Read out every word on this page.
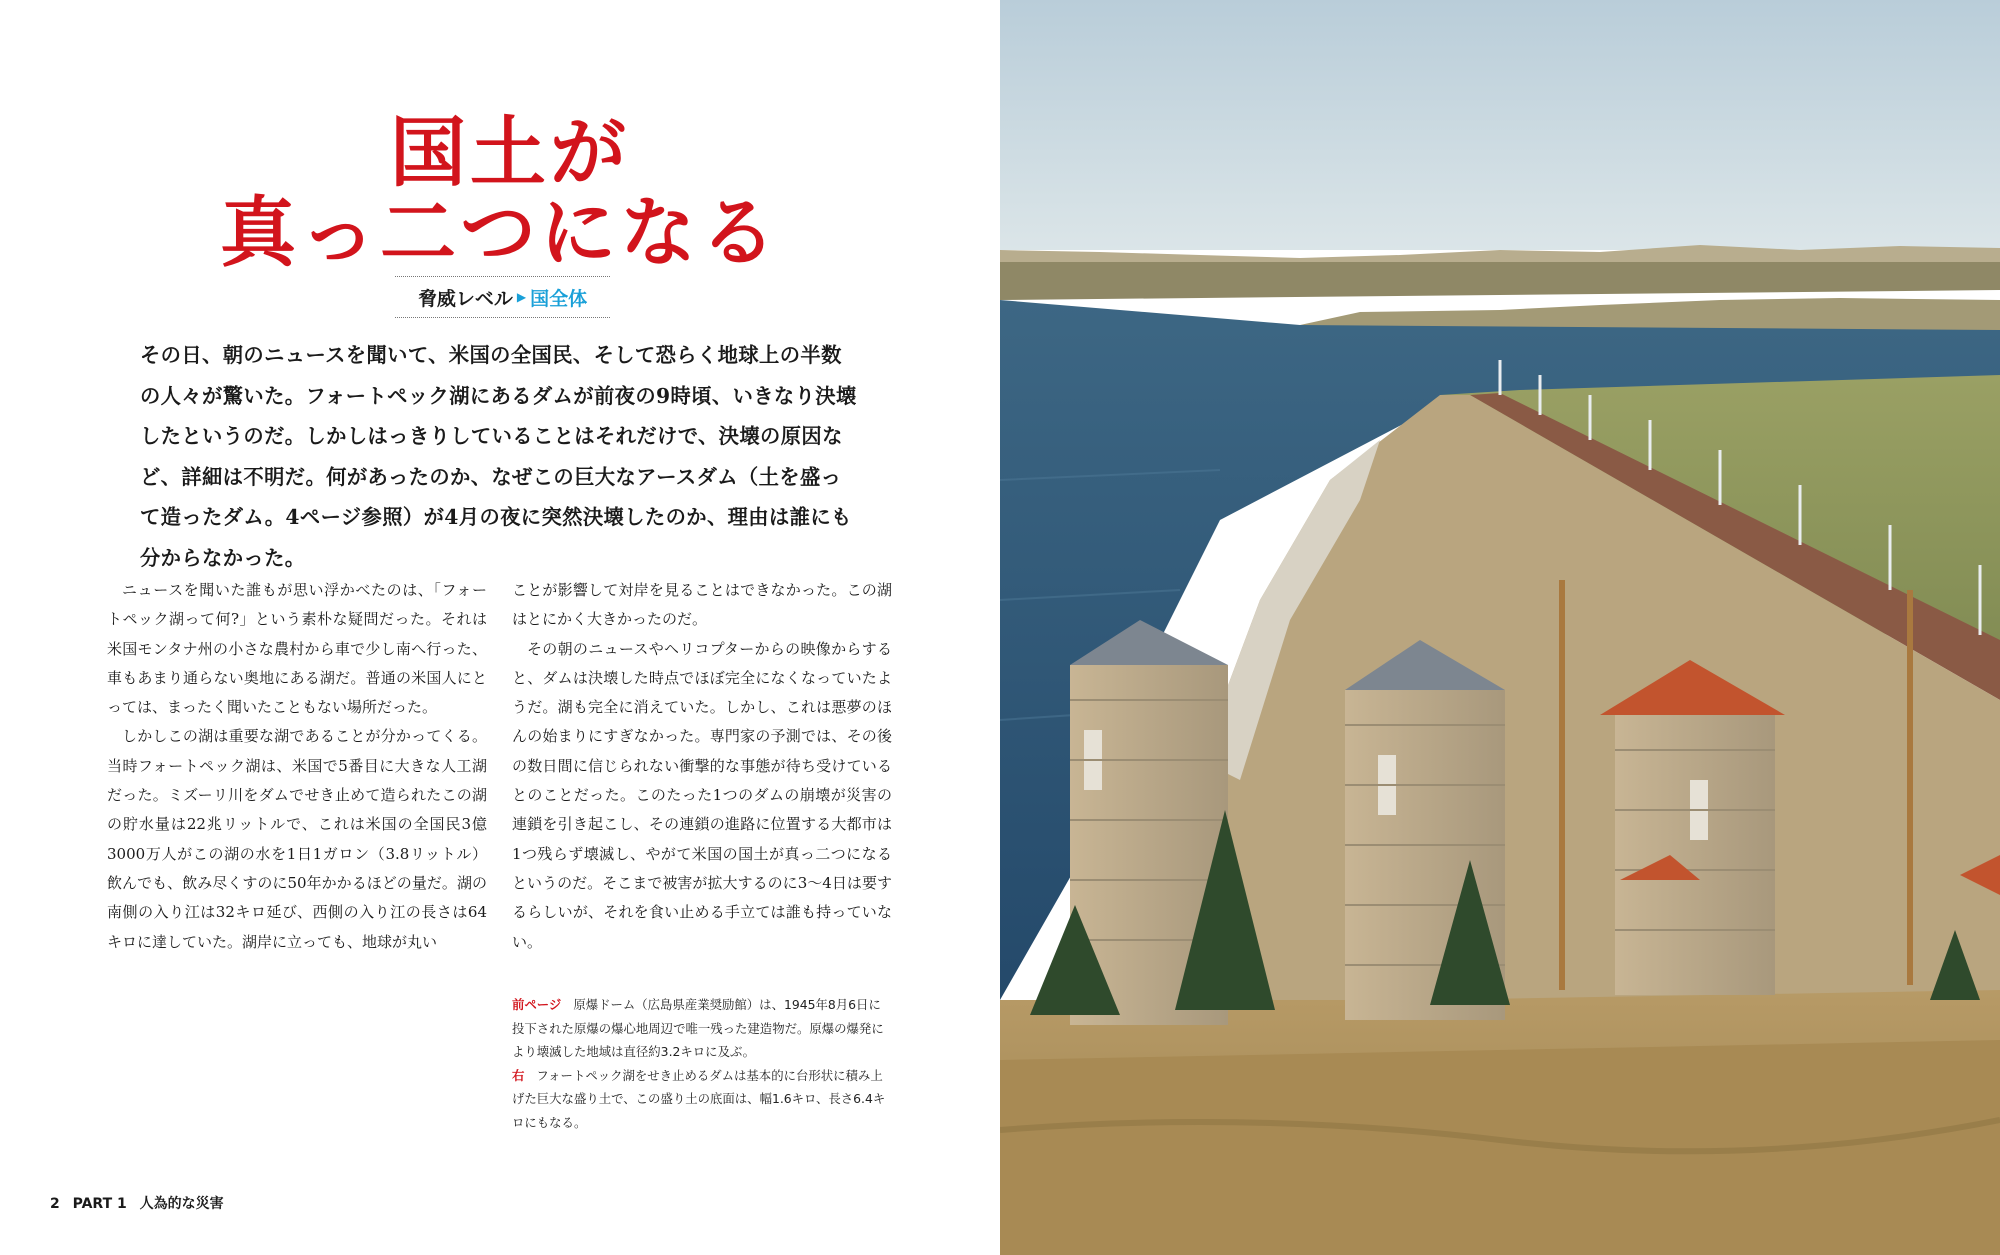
国土が
真っ二つになる
脅威レベル ▶ 国全体

その日、朝のニュースを聞いて、米国の全国民、そして恐らく地球上の半数の人々が驚いた。フォートペック湖にあるダムが前夜の9時頃、いきなり決壊したというのだ。しかしはっきりしていることはそれだけで、決壊の原因など、詳細は不明だ。何があったのか、なぜこの巨大なアースダム（土を盛って造ったダム。4ページ参照）が4月の夜に突然決壊したのか、理由は誰にも分からなかった。

ニュースを聞いた誰もが思い浮かべたのは、「フォートペック湖って何?」という素朴な疑問だった。それは米国モンタナ州の小さな農村から車で少し南へ行った、車もあまり通らない奥地にある湖だ。普通の米国人にとっては、まったく聞いたこともない場所だった。

しかしこの湖は重要な湖であることが分かってくる。当時フォートペック湖は、米国で5番目に大きな人工湖だった。ミズーリ川をダムでせき止めて造られたこの湖の貯水量は22兆リットルで、これは米国の全国民3億3000万人がこの湖の水を1日1ガロン（3.8リットル）飲んでも、飲み尽くすのに50年かかるほどの量だ。湖の南側の入り江は32キロ延び、西側の入り江の長さは64キロに達していた。湖岸に立っても、地球が丸い

ことが影響して対岸を見ることはできなかった。この湖はとにかく大きかったのだ。

その朝のニュースやヘリコプターからの映像からすると、ダムは決壊した時点でほぼ完全になくなっていたようだ。湖も完全に消えていた。しかし、これは悪夢のほんの始まりにすぎなかった。専門家の予測では、その後の数日間に信じられない衝撃的な事態が待ち受けているとのことだった。このたった1つのダムの崩壊が災害の連鎖を引き起こし、その連鎖の進路に位置する大都市は1つ残らず壊滅し、やがて米国の国土が真っ二つになるというのだ。そこまで被害が拡大するのに3～4日は要するらしいが、それを食い止める手立ては誰も持っていない。

前ページ 原爆ドーム（広島県産業奨励館）は、1945年8月6日に投下された原爆の爆心地周辺で唯一残った建造物だ。原爆の爆発により壊滅した地域は直径約3.2キロに及ぶ。

右 フォートペック湖をせき止めるダムは基本的に台形状に積み上げた巨大な盛り土で、この盛り土の底面は、幅1.6キロ、長さ6.4キロにもなる。

2 PART 1 人為的な災害
